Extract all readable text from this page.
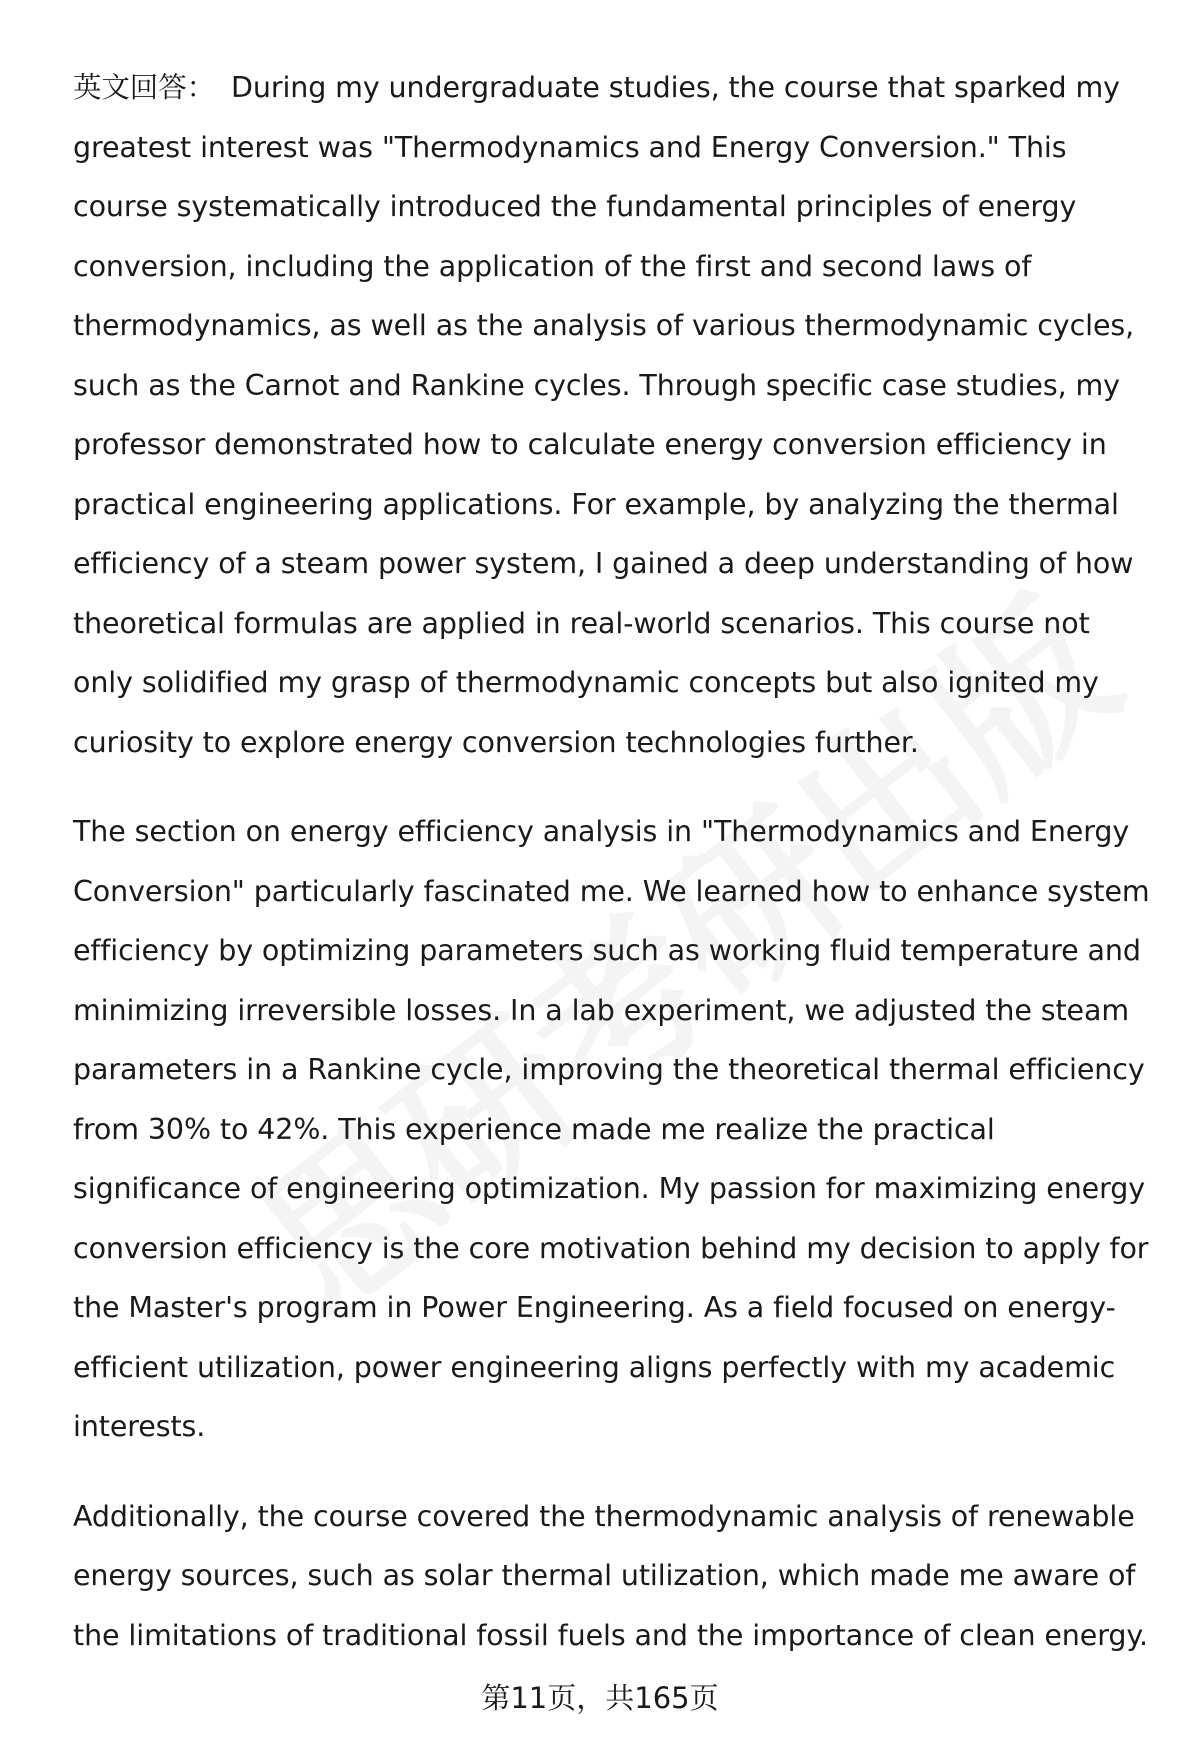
英文回答： During my undergraduate studies, the course that sparked my
greatest interest was "Thermodynamics and Energy Conversion." This
course systematically introduced the fundamental principles of energy
conversion, including the application of the first and second laws of
thermodynamics, as well as the analysis of various thermodynamic cycles,
such as the Carnot and Rankine cycles. Through specific case studies, my
professor demonstrated how to calculate energy conversion efficiency in
practical engineering applications. For example, by analyzing the thermal
efficiency of a steam power system, I gained a deep understanding of how
theoretical formulas are applied in real-world scenarios. This course not
only solidified my grasp of thermodynamic concepts but also ignited my
curiosity to explore energy conversion technologies further.

The section on energy efficiency analysis in "Thermodynamics and Energy
Conversion" particularly fascinated me. We learned how to enhance system
efficiency by optimizing parameters such as working fluid temperature and
minimizing irreversible losses. In a lab experiment, we adjusted the steam
parameters in a Rankine cycle, improving the theoretical thermal efficiency
from 30% to 42%. This experience made me realize the practical
significance of engineering optimization. My passion for maximizing energy
conversion efficiency is the core motivation behind my decision to apply for
the Master's program in Power Engineering. As a field focused on energy-
efficient utilization, power engineering aligns perfectly with my academic
interests.

Additionally, the course covered the thermodynamic analysis of renewable
energy sources, such as solar thermal utilization, which made me aware of
the limitations of traditional fossil fuels and the importance of clean energy.

第11页，共165页
